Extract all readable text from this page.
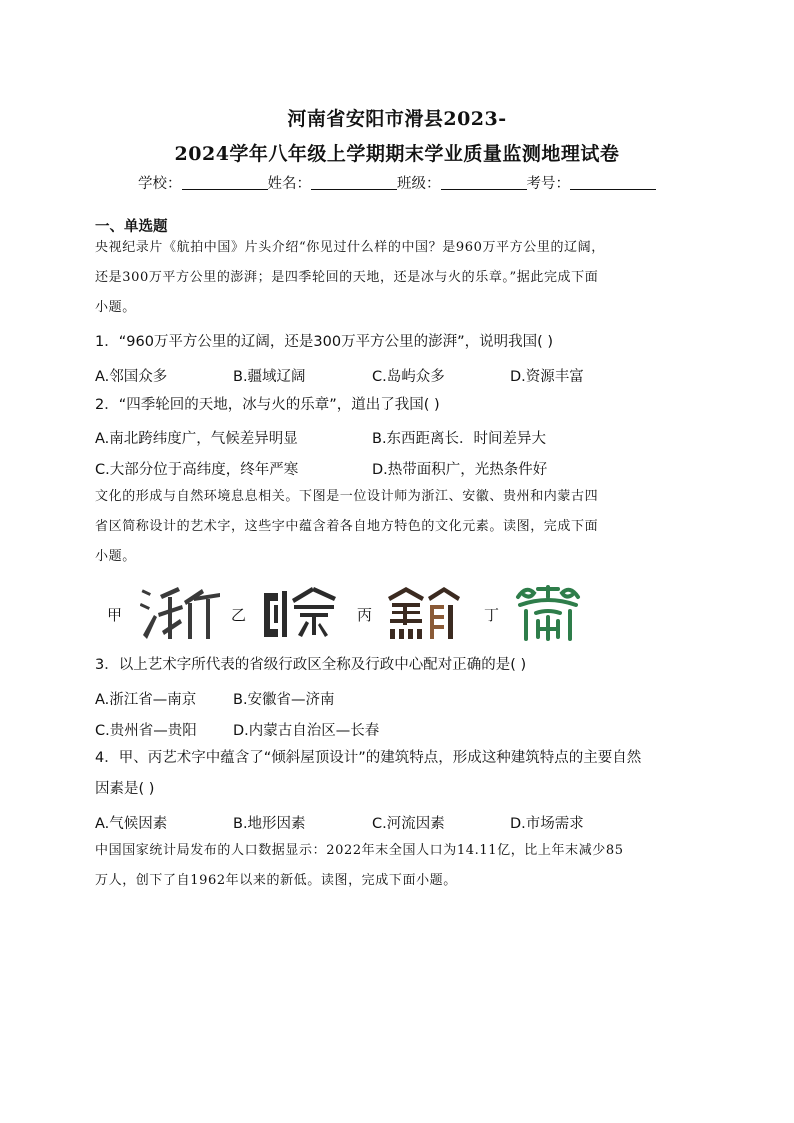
河南省安阳市滑县2023-
2024学年八年级上学期期末学业质量监测地理试卷
学校：	姓名：	班级：	考号：
一、单选题
央视纪录片《航拍中国》片头介绍“你见过什么样的中国？是960万平方公里的辽阔，
还是300万平方公里的澎湃；是四季轮回的天地，还是冰与火的乐章。”据此完成下面
小题。
1．“960万平方公里的辽阔，还是300万平方公里的澎湃”，说明我国( )
A.邻国众多	B.疆域辽阔	C.岛屿众多	D.资源丰富
2．“四季轮回的天地，冰与火的乐章”，道出了我国( )
A.南北跨纬度广，气候差异明显	B.东西距离长．时间差异大
C.大部分位于高纬度，终年严寒	D.热带面积广，光热条件好
文化的形成与自然环境息息相关。下图是一位设计师为浙江、安徽、贵州和内蒙古四
省区简称设计的艺术字，这些字中蕴含着各自地方特色的文化元素。读图，完成下面
小题。
甲	乙	丙	丁
3．以上艺术字所代表的省级行政区全称及行政中心配对正确的是( )
A.浙江省—南京	B.安徽省—济南
C.贵州省—贵阳	D.内蒙古自治区—长春
4．甲、丙艺术字中蕴含了“倾斜屋顶设计”的建筑特点，形成这种建筑特点的主要自然
因素是( )
A.气候因素	B.地形因素	C.河流因素	D.市场需求
中国国家统计局发布的人口数据显示：2022年末全国人口为14.11亿，比上年末减少85
万人，创下了自1962年以来的新低。读图，完成下面小题。
